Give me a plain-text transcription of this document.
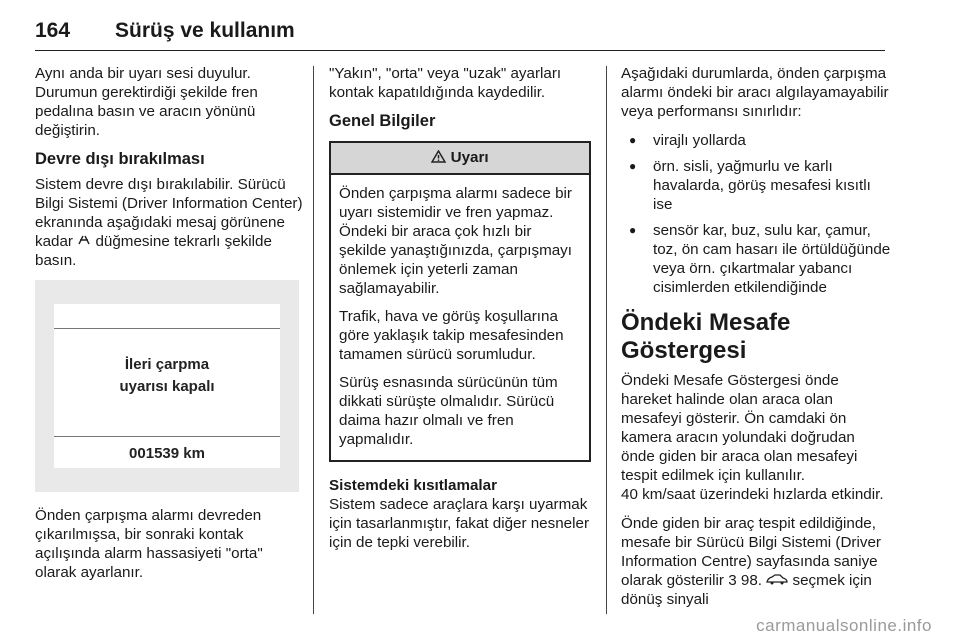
164 Sürüş ve kullanım

Aynı anda bir uyarı sesi duyulur. Durumun gerektirdiği şekilde fren pedalına basın ve aracın yönünü değiştirin.

Devre dışı bırakılması

Sistem devre dışı bırakılabilir. Sürücü Bilgi Sistemi (Driver Information Center) ekranında aşağıdaki mesaj görünene kadar düğmesine tekrarlı şekilde basın.

İleri çarpma
uyarısı kapalı
001539 km

Önden çarpışma alarmı devreden çıkarılmışsa, bir sonraki kontak açılışında alarm hassasiyeti "orta" olarak ayarlanır.

"Yakın", "orta" veya "uzak" ayarları kontak kapatıldığında kaydedilir.

Genel Bilgiler
Uyarı

Önden çarpışma alarmı sadece bir uyarı sistemidir ve fren yapmaz. Öndeki bir araca çok hızlı bir şekilde yanaştığınızda, çarpışmayı önlemek için yeterli zaman sağlamayabilir.

Trafik, hava ve görüş koşullarına göre yaklaşık takip mesafesinden tamamen sürücü sorumludur.

Sürüş esnasında sürücünün tüm dikkati sürüşte olmalıdır. Sürücü daima hazır olmalı ve fren yapmalıdır.

Sistemdeki kısıtlamalar

Sistem sadece araçlara karşı uyarmak için tasarlanmıştır, fakat diğer nesneler için de tepki verebilir.

Aşağıdaki durumlarda, önden çarpışma alarmı öndeki bir aracı algılayamayabilir veya performansı sınırlıdır:

● virajlı yollarda
● örn. sisli, yağmurlu ve karlı havalarda, görüş mesafesi kısıtlı ise
● sensör kar, buz, sulu kar, çamur, toz, ön cam hasarı ile örtüldüğünde veya örn. çıkartmalar yabancı cisimlerden etkilendiğinde
Öndeki Mesafe Göstergesi

Öndeki Mesafe Göstergesi önde hareket halinde olan araca olan mesafeyi gösterir. Ön camdaki ön kamera aracın yolundaki doğrudan önde giden bir araca olan mesafeyi tespit edilmek için kullanılır.

40 km/saat üzerindeki hızlarda etkindir.

Önde giden bir araç tespit edildiğinde, mesafe bir Sürücü Bilgi Sistemi (Driver Information Centre) sayfasında saniye olarak gösterilir 3 98. seçmek için dönüş sinyali

carmanualsonline.info
